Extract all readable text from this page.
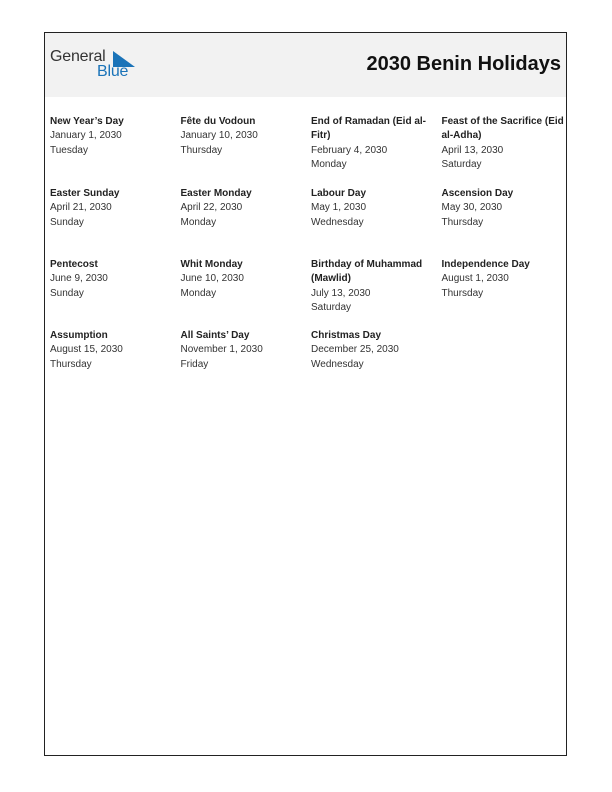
General
Blue	2030 Benin Holidays
New Year’s Day
January 1, 2030
Tuesday
Fête du Vodoun
January 10, 2030
Thursday
End of Ramadan (Eid al-Fitr)
February 4, 2030
Monday
Feast of the Sacrifice (Eid al-Adha)
April 13, 2030
Saturday
Easter Sunday
April 21, 2030
Sunday
Easter Monday
April 22, 2030
Monday
Labour Day
May 1, 2030
Wednesday
Ascension Day
May 30, 2030
Thursday
Pentecost
June 9, 2030
Sunday
Whit Monday
June 10, 2030
Monday
Birthday of Muhammad (Mawlid)
July 13, 2030
Saturday
Independence Day
August 1, 2030
Thursday
Assumption
August 15, 2030
Thursday
All Saints’ Day
November 1, 2030
Friday
Christmas Day
December 25, 2030
Wednesday
